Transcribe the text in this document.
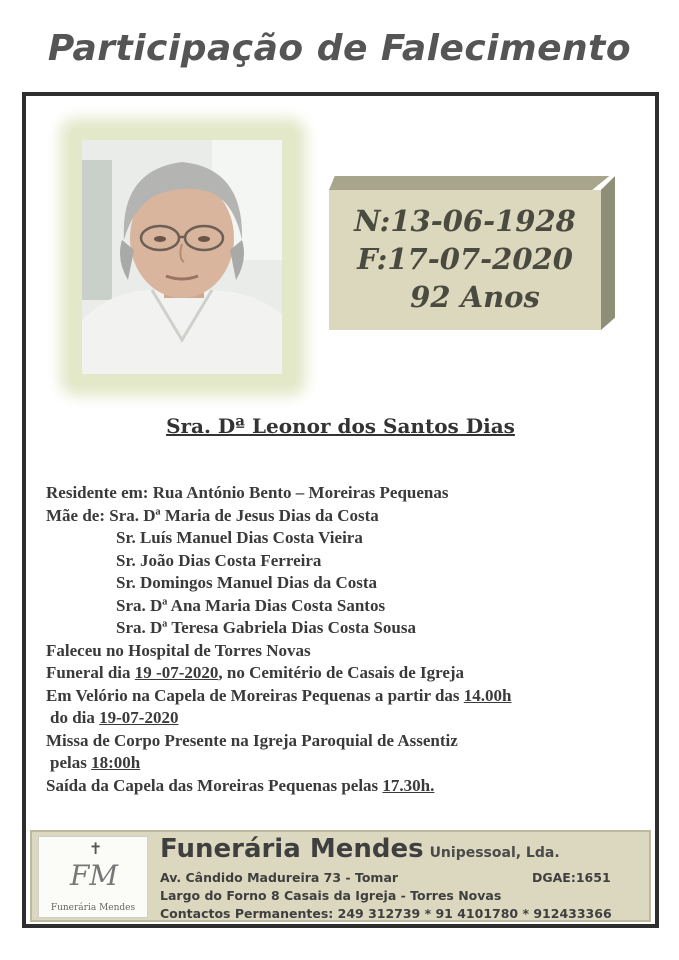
Participação de Falecimento
N:13-06-1928
F:17-07-2020
92 Anos
Sra. Dª Leonor dos Santos Dias
Residente em: Rua António Bento – Moreiras Pequenas
Mãe de: Sra. Dª Maria de Jesus Dias da Costa
Sr. Luís Manuel Dias Costa Vieira
Sr. João Dias Costa Ferreira
Sr. Domingos Manuel Dias da Costa
Sra. Dª Ana Maria Dias Costa Santos
Sra. Dª Teresa Gabriela Dias Costa Sousa
Faleceu no Hospital de Torres Novas
Funeral dia 19 -07-2020, no Cemitério de Casais de Igreja
Em Velório na Capela de Moreiras Pequenas a partir das 14.00h
do dia 19-07-2020
Missa de Corpo Presente na Igreja Paroquial de Assentiz
pelas 18:00h
Saída da Capela das Moreiras Pequenas pelas 17.30h.
✝
FM
Funerária Mendes
Funerária Mendes Unipessoal, Lda.
Av. Cândido Madureira 73 - Tomar	DGAE:1651
Largo do Forno 8 Casais da Igreja - Torres Novas
Contactos Permanentes: 249 312739 * 91 4101780 * 912433366
